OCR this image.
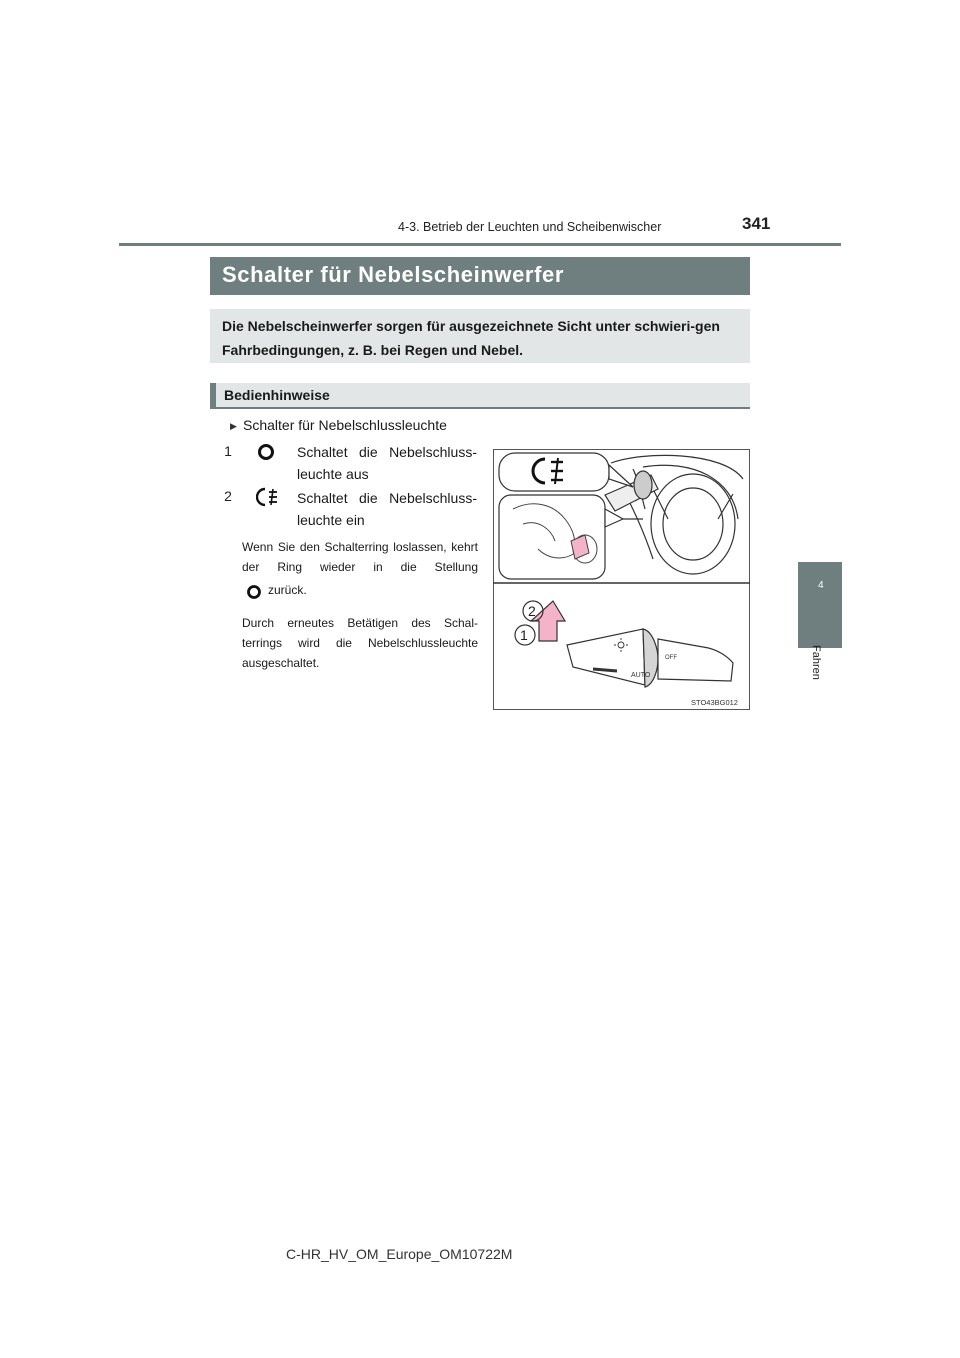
4-3. Betrieb der Leuchten und Scheibenwischer	341
4
Fahren
Schalter für Nebelscheinwerfer
Die Nebelscheinwerfer sorgen für ausgezeichnete Sicht unter schwieri-gen Fahrbedingungen, z. B. bei Regen und Nebel.
Bedienhinweise
▶ Schalter für Nebelschlussleuchte
1	Schaltet die Nebelschluss-leuchte aus
2	Schaltet die Nebelschluss-leuchte ein
Wenn Sie den Schalterring loslassen, kehrt der Ring wieder in die Stellung
zurück.
Durch erneutes Betätigen des Schal-terrings wird die Nebelschlussleuchte ausgeschaltet.
AUTO
OFF
2
1
STO43BG012
C-HR_HV_OM_Europe_OM10722M
